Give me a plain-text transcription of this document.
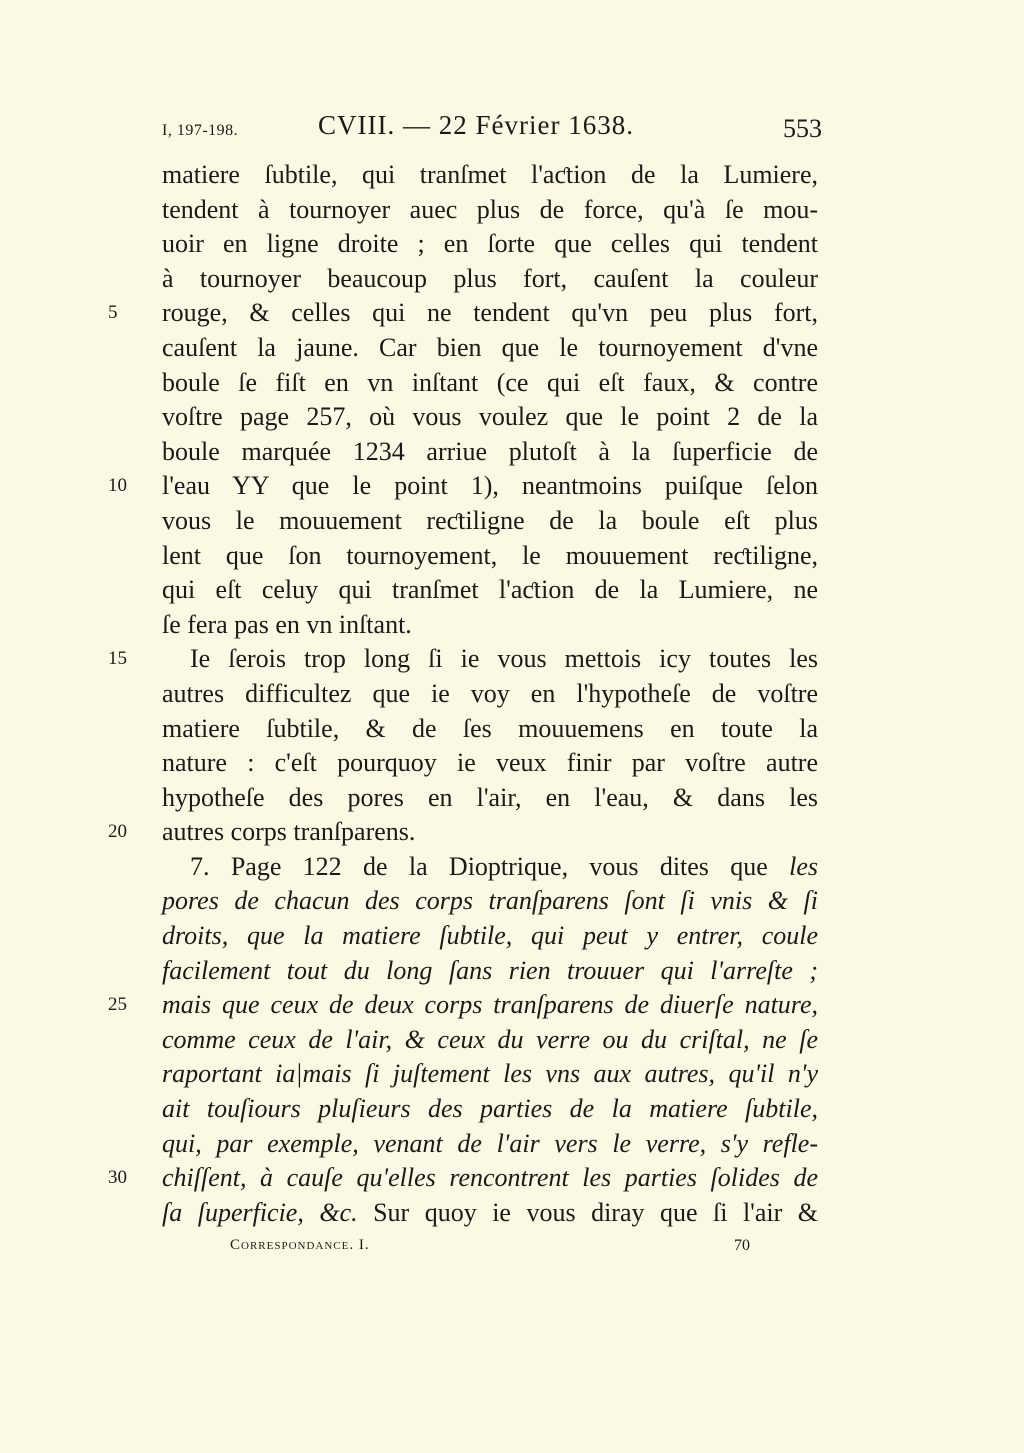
I, 197-198.	CVIII. — 22 Février 1638.	553
matiere ſubtile, qui tranſmet l'aƈtion de la Lumiere,
tendent à tournoyer auec plus de force, qu'à ſe mou-
uoir en ligne droite ; en ſorte que celles qui tendent
à tournoyer beaucoup plus fort, cauſent la couleur
5	rouge, & celles qui ne tendent qu'vn peu plus fort,
cauſent la jaune. Car bien que le tournoyement d'vne
boule ſe fiſt en vn inſtant (ce qui eſt faux, & contre
voſtre page 257, où vous voulez que le point 2 de la
boule marquée 1234 arriue plutoſt à la ſuperficie de
10	l'eau YY que le point 1), neantmoins puiſque ſelon
vous le mouuement reƈtiligne de la boule eſt plus
lent que ſon tournoyement, le mouuement reƈtiligne,
qui eſt celuy qui tranſmet l'aƈtion de la Lumiere, ne
ſe fera pas en vn inſtant.
15	Ie ſerois trop long ſi ie vous mettois icy toutes les
autres difficultez que ie voy en l'hypotheſe de voſtre
matiere ſubtile, & de ſes mouuemens en toute la
nature : c'eſt pourquoy ie veux finir par voſtre autre
hypotheſe des pores en l'air, en l'eau, & dans les
20	autres corps tranſparens.
7. Page 122 de la Dioptrique, vous dites que les
pores de chacun des corps tranſparens ſont ſi vnis & ſi
droits, que la matiere ſubtile, qui peut y entrer, coule
facilement tout du long ſans rien trouuer qui l'arreſte ;
25	mais que ceux de deux corps tranſparens de diuerſe nature,
comme ceux de l'air, & ceux du verre ou du criſtal, ne ſe
raportant ia|mais ſi juſtement les vns aux autres, qu'il n'y
ait touſiours pluſieurs des parties de la matiere ſubtile,
qui, par exemple, venant de l'air vers le verre, s'y refle-
30	chiſſent, à cauſe qu'elles rencontrent les parties ſolides de
ſa ſuperficie, &c. Sur quoy ie vous diray que ſi l'air &
Correspondance. I.	70
